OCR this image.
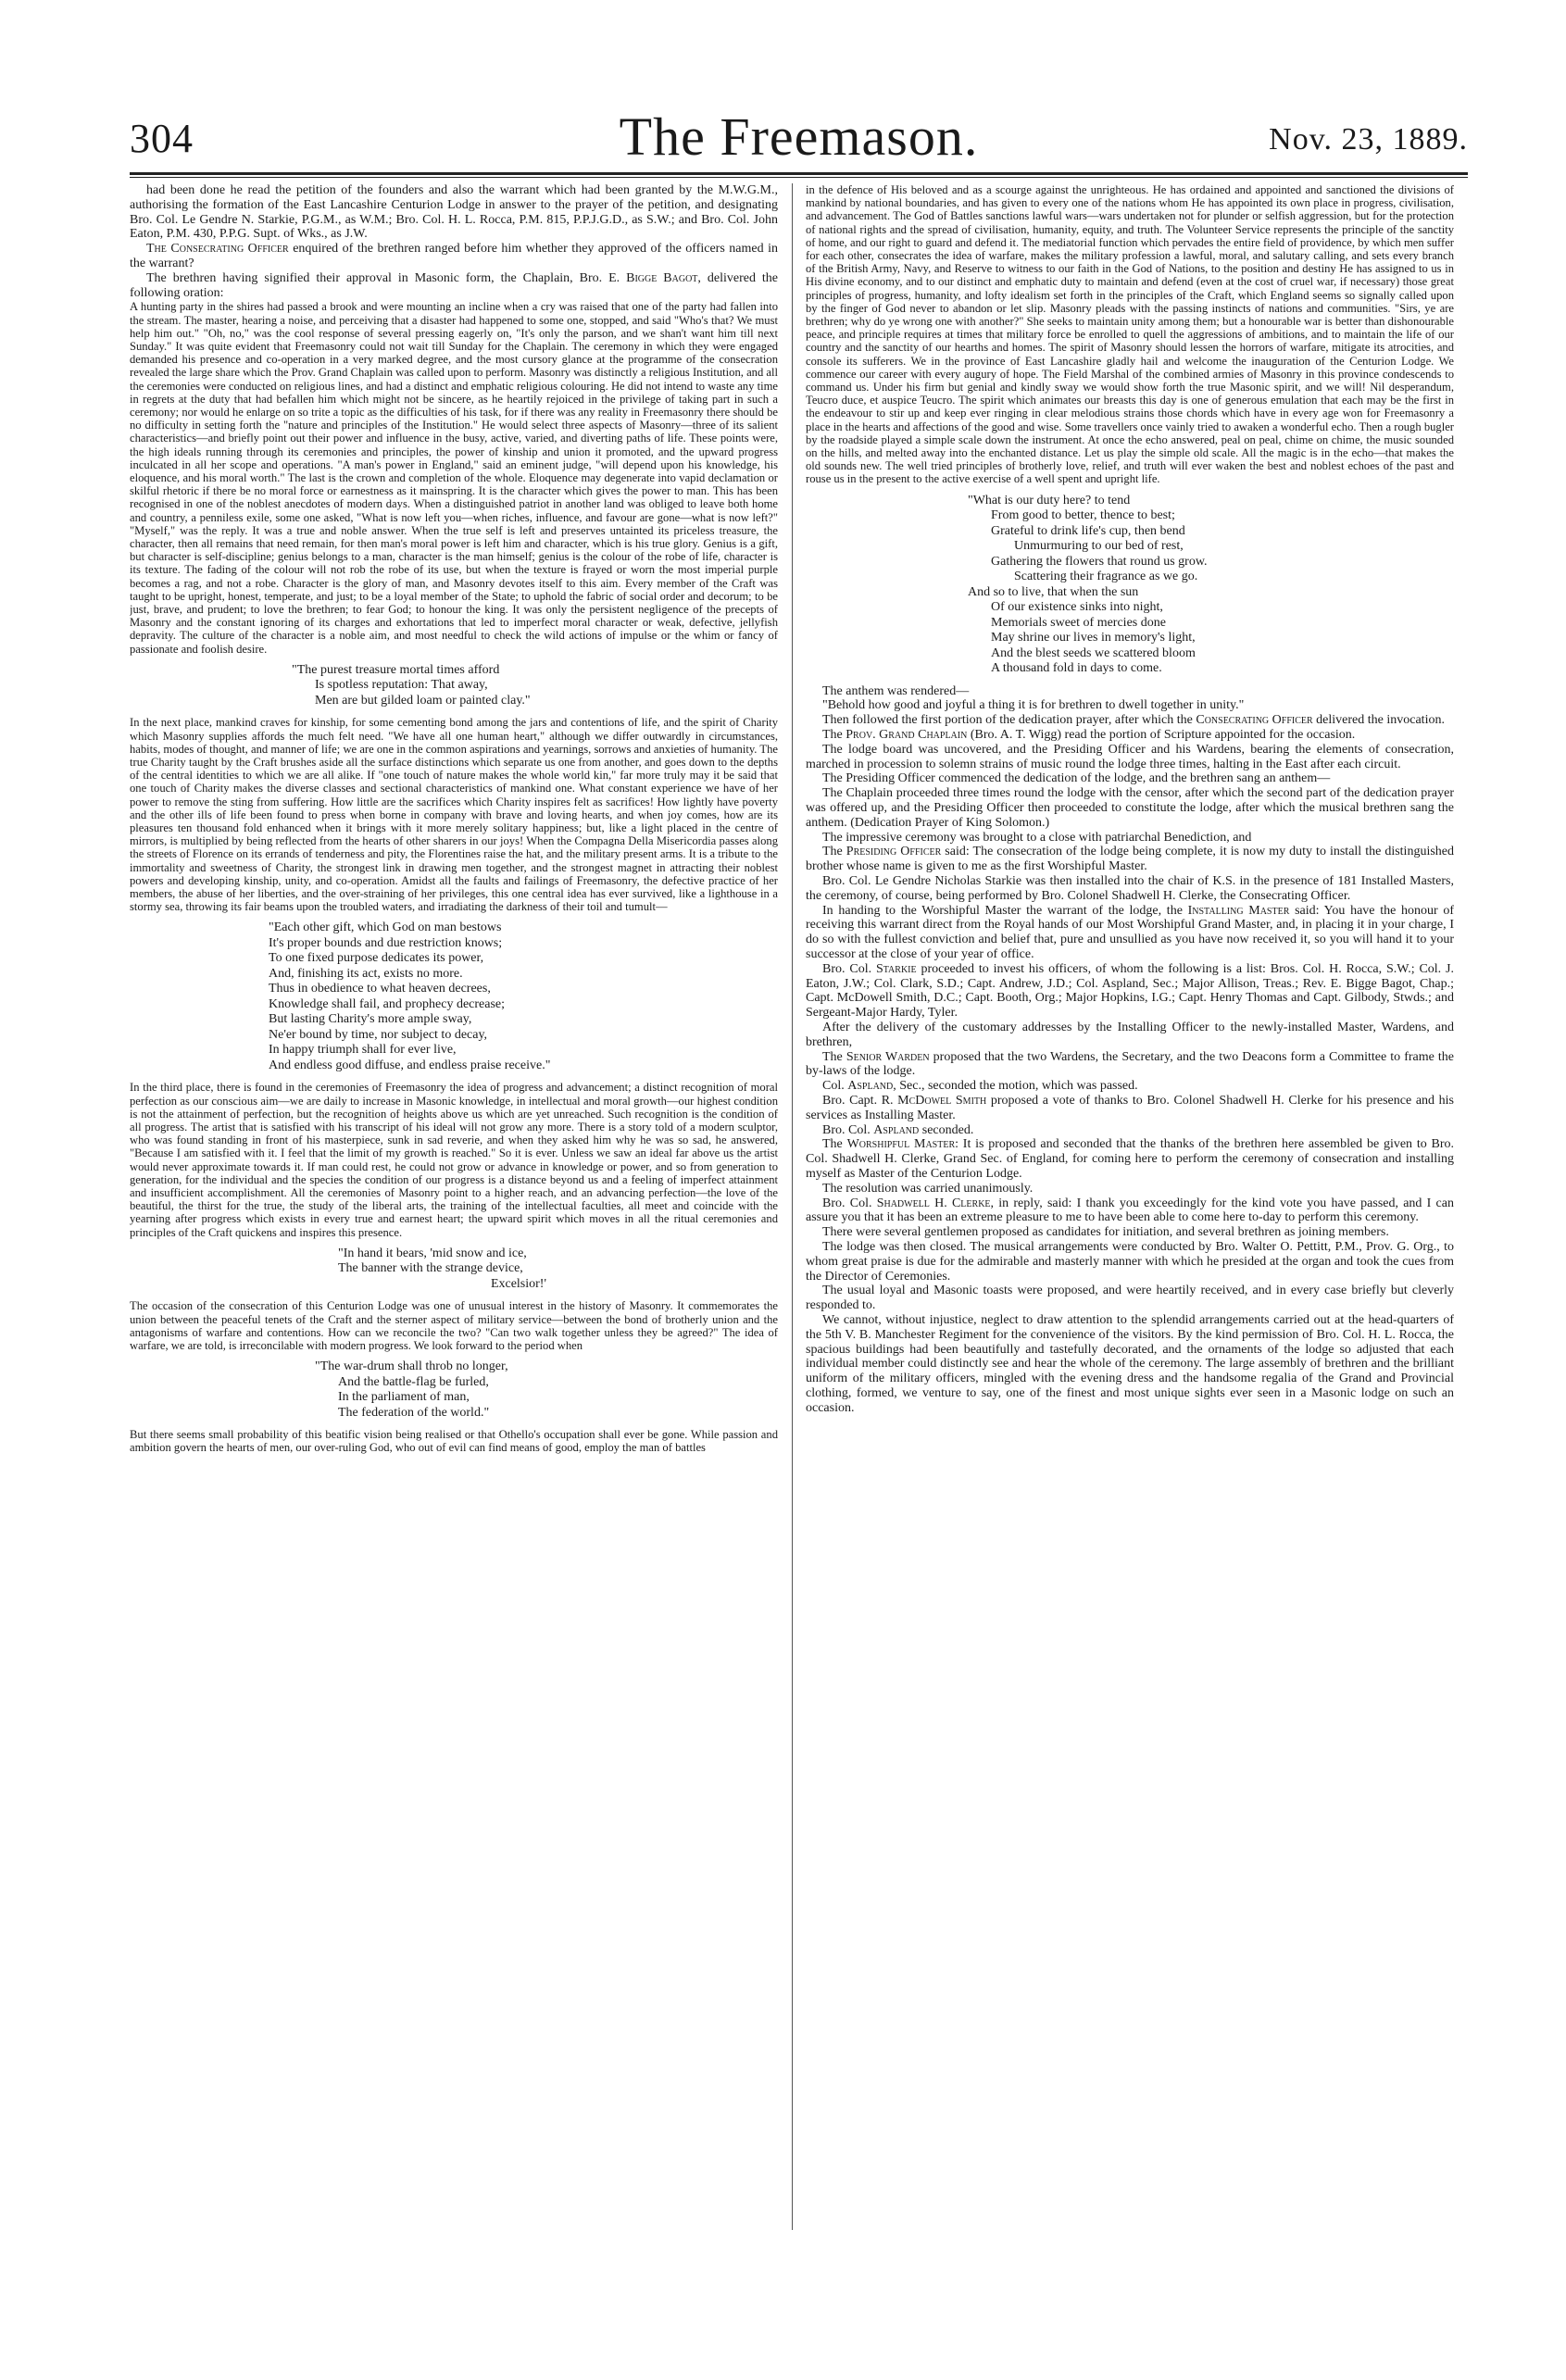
304	The Freemason.	Nov. 23, 1889.

had been done he read the petition of the founders and also the warrant which had been granted by the M.W.G.M., authorising the formation of the East Lancashire Centurion Lodge in answer to the prayer of the petition, and designating Bro. Col. Le Gendre N. Starkie, P.G.M., as W.M.; Bro. Col. H. L. Rocca, P.M. 815, P.P.J.G.D., as S.W.; and Bro. Col. John Eaton, P.M. 430, P.P.G. Supt. of Wks., as J.W.

The Consecrating Officer enquired of the brethren ranged before him whether they approved of the officers named in the warrant?

The brethren having signified their approval in Masonic form, the Chaplain, Bro. E. Bigge Bagot, delivered the following oration:

A hunting party in the shires had passed a brook and were mounting an incline when a cry was raised that one of the party had fallen into the stream. The master, hearing a noise, and perceiving that a disaster had happened to some one, stopped, and said "Who's that? We must help him out." "Oh, no," was the cool response of several pressing eagerly on, "It's only the parson, and we shan't want him till next Sunday." It was quite evident that Freemasonry could not wait till Sunday for the Chaplain. The ceremony in which they were engaged demanded his presence and co-operation in a very marked degree, and the most cursory glance at the programme of the consecration revealed the large share which the Prov. Grand Chaplain was called upon to perform. Masonry was distinctly a religious Institution, and all the ceremonies were conducted on religious lines, and had a distinct and emphatic religious colouring. He did not intend to waste any time in regrets at the duty that had befallen him which might not be sincere, as he heartily rejoiced in the privilege of taking part in such a ceremony; nor would he enlarge on so trite a topic as the difficulties of his task, for if there was any reality in Freemasonry there should be no difficulty in setting forth the "nature and principles of the Institution." He would select three aspects of Masonry—three of its salient characteristics—and briefly point out their power and influence in the busy, active, varied, and diverting paths of life. These points were, the high ideals running through its ceremonies and principles, the power of kinship and union it promoted, and the upward progress inculcated in all her scope and operations. "A man's power in England," said an eminent judge, "will depend upon his knowledge, his eloquence, and his moral worth." The last is the crown and completion of the whole. Eloquence may degenerate into vapid declamation or skilful rhetoric if there be no moral force or earnestness as it mainspring. It is the character which gives the power to man. This has been recognised in one of the noblest anecdotes of modern days. When a distinguished patriot in another land was obliged to leave both home and country, a penniless exile, some one asked, "What is now left you—when riches, influence, and favour are gone—what is now left?" "Myself," was the reply. It was a true and noble answer. When the true self is left and preserves untainted its priceless treasure, the character, then all remains that need remain, for then man's moral power is left him and character, which is his true glory. Genius is a gift, but character is self-discipline; genius belongs to a man, character is the man himself; genius is the colour of the robe of life, character is its texture. The fading of the colour will not rob the robe of its use, but when the texture is frayed or worn the most imperial purple becomes a rag, and not a robe. Character is the glory of man, and Masonry devotes itself to this aim. Every member of the Craft was taught to be upright, honest, temperate, and just; to be a loyal member of the State; to uphold the fabric of social order and decorum; to be just, brave, and prudent; to love the brethren; to fear God; to honour the king. It was only the persistent negligence of the precepts of Masonry and the constant ignoring of its charges and exhortations that led to imperfect moral character or weak, defective, jellyfish depravity. The culture of the character is a noble aim, and most needful to check the wild actions of impulse or the whim or fancy of passionate and foolish desire.

"The purest treasure mortal times afford
Is spotless reputation: That away,
Men are but gilded loam or painted clay."

In the next place, mankind craves for kinship, for some cementing bond among the jars and contentions of life, and the spirit of Charity which Masonry supplies affords the much felt need. "We have all one human heart," although we differ outwardly in circumstances, habits, modes of thought, and manner of life; we are one in the common aspirations and yearnings, sorrows and anxieties of humanity. The true Charity taught by the Craft brushes aside all the surface distinctions which separate us one from another, and goes down to the depths of the central identities to which we are all alike. If "one touch of nature makes the whole world kin," far more truly may it be said that one touch of Charity makes the diverse classes and sectional characteristics of mankind one. What constant experience we have of her power to remove the sting from suffering. How little are the sacrifices which Charity inspires felt as sacrifices! How lightly have poverty and the other ills of life been found to press when borne in company with brave and loving hearts, and when joy comes, how are its pleasures ten thousand fold enhanced when it brings with it more merely solitary happiness; but, like a light placed in the centre of mirrors, is multiplied by being reflected from the hearts of other sharers in our joys! When the Compagna Della Misericordia passes along the streets of Florence on its errands of tenderness and pity, the Florentines raise the hat, and the military present arms. It is a tribute to the immortality and sweetness of Charity, the strongest link in drawing men together, and the strongest magnet in attracting their noblest powers and developing kinship, unity, and co-operation. Amidst all the faults and failings of Freemasonry, the defective practice of her members, the abuse of her liberties, and the over-straining of her privileges, this one central idea has ever survived, like a lighthouse in a stormy sea, throwing its fair beams upon the troubled waters, and irradiating the darkness of their toil and tumult—

"Each other gift, which God on man bestows
It's proper bounds and due restriction knows;
To one fixed purpose dedicates its power,
And, finishing its act, exists no more.
Thus in obedience to what heaven decrees,
Knowledge shall fail, and prophecy decrease;
But lasting Charity's more ample sway,
Ne'er bound by time, nor subject to decay,
In happy triumph shall for ever live,
And endless good diffuse, and endless praise receive."

In the third place, there is found in the ceremonies of Freemasonry the idea of progress and advancement; a distinct recognition of moral perfection as our conscious aim—we are daily to increase in Masonic knowledge, in intellectual and moral growth—our highest condition is not the attainment of perfection, but the recognition of heights above us which are yet unreached. Such recognition is the condition of all progress. The artist that is satisfied with his transcript of his ideal will not grow any more. There is a story told of a modern sculptor, who was found standing in front of his masterpiece, sunk in sad reverie, and when they asked him why he was so sad, he answered, "Because I am satisfied with it. I feel that the limit of my growth is reached." So it is ever. Unless we saw an ideal far above us the artist would never approximate towards it. If man could rest, he could not grow or advance in knowledge or power, and so from generation to generation, for the individual and the species the condition of our progress is a distance beyond us and a feeling of imperfect attainment and insufficient accomplishment. All the ceremonies of Masonry point to a higher reach, and an advancing perfection—the love of the beautiful, the thirst for the true, the study of the liberal arts, the training of the intellectual faculties, all meet and coincide with the yearning after progress which exists in every true and earnest heart; the upward spirit which moves in all the ritual ceremonies and principles of the Craft quickens and inspires this presence.

"In hand it bears, 'mid snow and ice,
The banner with the strange device,
Excelsior!'

The occasion of the consecration of this Centurion Lodge was one of unusual interest in the history of Masonry. It commemorates the union between the peaceful tenets of the Craft and the sterner aspect of military service—between the bond of brotherly union and the antagonisms of warfare and contentions. How can we reconcile the two? "Can two walk together unless they be agreed?" The idea of warfare, we are told, is irreconcilable with modern progress. We look forward to the period when

"The war-drum shall throb no longer,
And the battle-flag be furled,
In the parliament of man,
The federation of the world."

But there seems small probability of this beatific vision being realised or that Othello's occupation shall ever be gone. While passion and ambition govern the hearts of men, our over-ruling God, who out of evil can find means of good, employ the man of battles

in the defence of His beloved and as a scourge against the unrighteous. He has ordained and appointed and sanctioned the divisions of mankind by national boundaries, and has given to every one of the nations whom He has appointed its own place in progress, civilisation, and advancement. The God of Battles sanctions lawful wars—wars undertaken not for plunder or selfish aggression, but for the protection of national rights and the spread of civilisation, humanity, equity, and truth. The Volunteer Service represents the principle of the sanctity of home, and our right to guard and defend it. The mediatorial function which pervades the entire field of providence, by which men suffer for each other, consecrates the idea of warfare, makes the military profession a lawful, moral, and salutary calling, and sets every branch of the British Army, Navy, and Reserve to witness to our faith in the God of Nations, to the position and destiny He has assigned to us in His divine economy, and to our distinct and emphatic duty to maintain and defend (even at the cost of cruel war, if necessary) those great principles of progress, humanity, and lofty idealism set forth in the principles of the Craft, which England seems so signally called upon by the finger of God never to abandon or let slip. Masonry pleads with the passing instincts of nations and communities. "Sirs, ye are brethren; why do ye wrong one with another?" She seeks to maintain unity among them; but a honourable war is better than dishonourable peace, and principle requires at times that military force be enrolled to quell the aggressions of ambitions, and to maintain the life of our country and the sanctity of our hearths and homes. The spirit of Masonry should lessen the horrors of warfare, mitigate its atrocities, and console its sufferers. We in the province of East Lancashire gladly hail and welcome the inauguration of the Centurion Lodge. We commence our career with every augury of hope. The Field Marshal of the combined armies of Masonry in this province condescends to command us. Under his firm but genial and kindly sway we would show forth the true Masonic spirit, and we will! Nil desperandum, Teucro duce, et auspice Teucro. The spirit which animates our breasts this day is one of generous emulation that each may be the first in the endeavour to stir up and keep ever ringing in clear melodious strains those chords which have in every age won for Freemasonry a place in the hearts and affections of the good and wise. Some travellers once vainly tried to awaken a wonderful echo. Then a rough bugler by the roadside played a simple scale down the instrument. At once the echo answered, peal on peal, chime on chime, the music sounded on the hills, and melted away into the enchanted distance. Let us play the simple old scale. All the magic is in the echo—that makes the old sounds new. The well tried principles of brotherly love, relief, and truth will ever waken the best and noblest echoes of the past and rouse us in the present to the active exercise of a well spent and upright life.

"What is our duty here? to tend
From good to better, thence to best;
Grateful to drink life's cup, then bend
Unmurmuring to our bed of rest,
Gathering the flowers that round us grow.
Scattering their fragrance as we go.
And so to live, that when the sun
Of our existence sinks into night,
Memorials sweet of mercies done
May shrine our lives in memory's light,
And the blest seeds we scattered bloom
A thousand fold in days to come.

The anthem was rendered—

"Behold how good and joyful a thing it is for brethren to dwell together in unity."

Then followed the first portion of the dedication prayer, after which the Consecrating Officer delivered the invocation.

The Prov. Grand Chaplain (Bro. A. T. Wigg) read the portion of Scripture appointed for the occasion.

The lodge board was uncovered, and the Presiding Officer and his Wardens, bearing the elements of consecration, marched in procession to solemn strains of music round the lodge three times, halting in the East after each circuit.

The Presiding Officer commenced the dedication of the lodge, and the brethren sang an anthem—

The Chaplain proceeded three times round the lodge with the censor, after which the second part of the dedication prayer was offered up, and the Presiding Officer then proceeded to constitute the lodge, after which the musical brethren sang the anthem. (Dedication Prayer of King Solomon.)

The impressive ceremony was brought to a close with patriarchal Benediction, and

The Presiding Officer said: The consecration of the lodge being complete, it is now my duty to install the distinguished brother whose name is given to me as the first Worshipful Master.

Bro. Col. Le Gendre Nicholas Starkie was then installed into the chair of K.S. in the presence of 181 Installed Masters, the ceremony, of course, being performed by Bro. Colonel Shadwell H. Clerke, the Consecrating Officer.

In handing to the Worshipful Master the warrant of the lodge, the Installing Master said: You have the honour of receiving this warrant direct from the Royal hands of our Most Worshipful Grand Master, and, in placing it in your charge, I do so with the fullest conviction and belief that, pure and unsullied as you have now received it, so you will hand it to your successor at the close of your year of office.

Bro. Col. Starkie proceeded to invest his officers, of whom the following is a list: Bros. Col. H. Rocca, S.W.; Col. J. Eaton, J.W.; Col. Clark, S.D.; Capt. Andrew, J.D.; Col. Aspland, Sec.; Major Allison, Treas.; Rev. E. Bigge Bagot, Chap.; Capt. McDowell Smith, D.C.; Capt. Booth, Org.; Major Hopkins, I.G.; Capt. Henry Thomas and Capt. Gilbody, Stwds.; and Sergeant-Major Hardy, Tyler.

After the delivery of the customary addresses by the Installing Officer to the newly-installed Master, Wardens, and brethren,

The Senior Warden proposed that the two Wardens, the Secretary, and the two Deacons form a Committee to frame the by-laws of the lodge.

Col. Aspland, Sec., seconded the motion, which was passed.

Bro. Capt. R. McDowel Smith proposed a vote of thanks to Bro. Colonel Shadwell H. Clerke for his presence and his services as Installing Master.

Bro. Col. Aspland seconded.

The Worshipful Master: It is proposed and seconded that the thanks of the brethren here assembled be given to Bro. Col. Shadwell H. Clerke, Grand Sec. of England, for coming here to perform the ceremony of consecration and installing myself as Master of the Centurion Lodge.

The resolution was carried unanimously.

Bro. Col. Shadwell H. Clerke, in reply, said: I thank you exceedingly for the kind vote you have passed, and I can assure you that it has been an extreme pleasure to me to have been able to come here to-day to perform this ceremony.

There were several gentlemen proposed as candidates for initiation, and several brethren as joining members.

The lodge was then closed. The musical arrangements were conducted by Bro. Walter O. Pettitt, P.M., Prov. G. Org., to whom great praise is due for the admirable and masterly manner with which he presided at the organ and took the cues from the Director of Ceremonies.

The usual loyal and Masonic toasts were proposed, and were heartily received, and in every case briefly but cleverly responded to.

We cannot, without injustice, neglect to draw attention to the splendid arrangements carried out at the head-quarters of the 5th V. B. Manchester Regiment for the convenience of the visitors. By the kind permission of Bro. Col. H. L. Rocca, the spacious buildings had been beautifully and tastefully decorated, and the ornaments of the lodge so adjusted that each individual member could distinctly see and hear the whole of the ceremony. The large assembly of brethren and the brilliant uniform of the military officers, mingled with the evening dress and the handsome regalia of the Grand and Provincial clothing, formed, we venture to say, one of the finest and most unique sights ever seen in a Masonic lodge on such an occasion.
